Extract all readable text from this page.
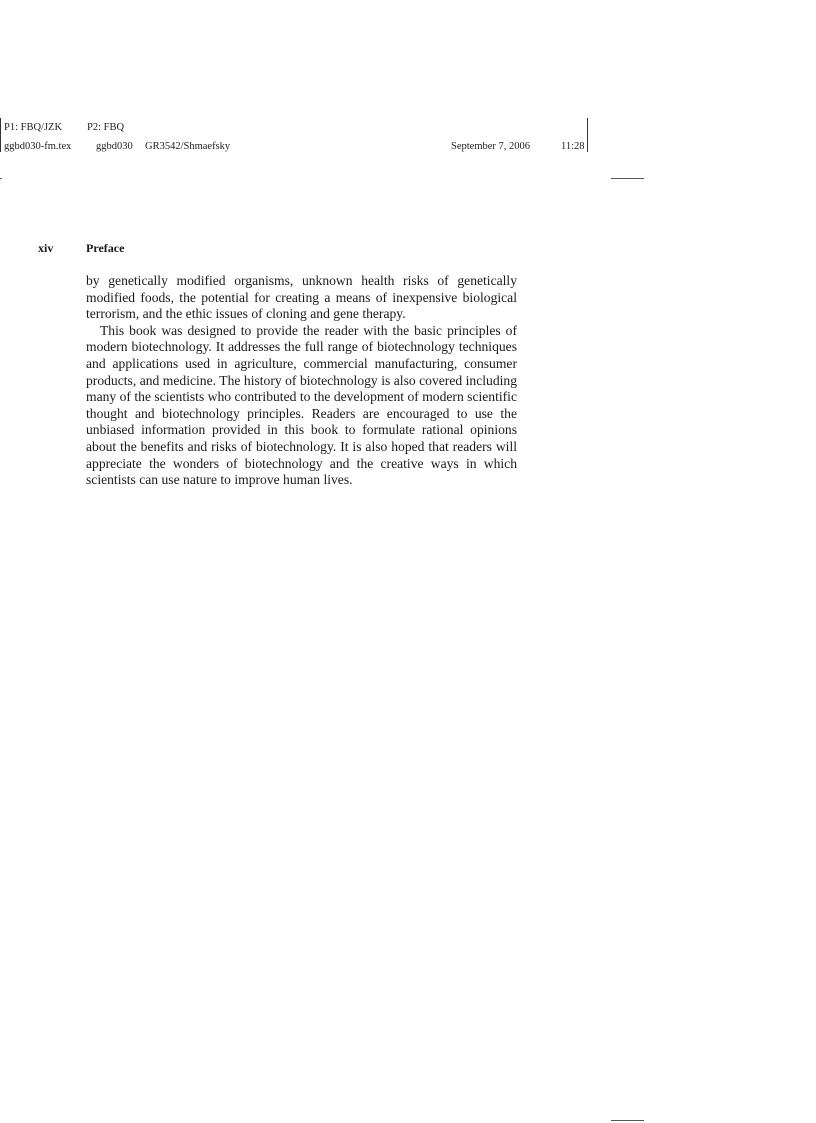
P1: FBQ/JZK P2: FBQ
ggbd030-fm.tex ggbd030 GR3542/Shmaefsky	September 7, 2006	11:28
xiv	Preface

by genetically modified organisms, unknown health risks of genetically modified foods, the potential for creating a means of inexpensive biological terrorism, and the ethic issues of cloning and gene therapy.

This book was designed to provide the reader with the basic principles of modern biotechnology. It addresses the full range of biotechnology techniques and applications used in agriculture, commercial manufacturing, consumer products, and medicine. The history of biotechnology is also covered including many of the scientists who contributed to the development of modern scientific thought and biotechnology principles. Readers are encouraged to use the unbiased information provided in this book to formulate rational opinions about the benefits and risks of biotechnology. It is also hoped that readers will appreciate the wonders of biotechnology and the creative ways in which scientists can use nature to improve human lives.
